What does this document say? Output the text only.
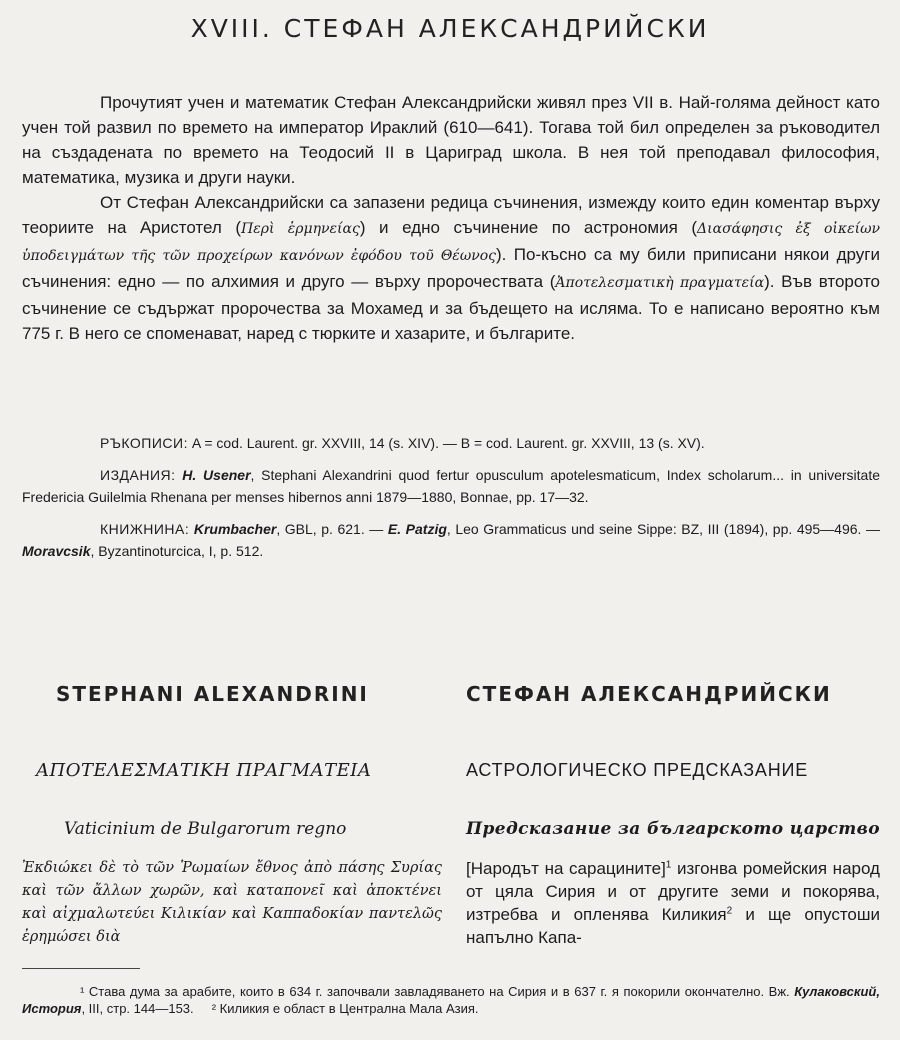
XVIII. СТЕФАН АЛЕКСАНДРИЙСКИ

Прочутият учен и математик Стефан Александрийски живял през VII в. Най-голяма дейност като учен той развил по времето на император Ираклий (610—641). Тогава той бил определен за ръководител на създадената по времето на Теодосий II в Цариград школа. В нея той преподавал философия, математика, музика и други науки.

От Стефан Александрийски са запазени редица съчинения, измежду които един коментар върху теориите на Аристотел (Περὶ ἑρμηνείας) и едно съчинение по астрономия (Διασάφησις ἐξ οἰκείων ὑποδειγμάτων τῆς τῶν προχείρων κανόνων ἐφόδου τοῦ Θέωνος). По-късно са му били приписани някои други съчинения: едно — по алхимия и друго — върху пророчествата (Ἀποτελεσματικὴ πραγματεία). Във второто съчинение се съдържат пророчества за Мохамед и за бъдещето на исляма. То е написано вероятно към 775 г. В него се споменават, наред с тюрките и хазарите, и българите.

РЪКОПИСИ: A = cod. Laurent. gr. XXVIII, 14 (s. XIV). — B = cod. Laurent. gr. XXVIII, 13 (s. XV).

ИЗДАНИЯ: H. Usener, Stephani Alexandrini quod fertur opusculum apotelesmaticum, Index scholarum... in universitate Fredericia Guilelmia Rhenana per menses hibernos anni 1879—1880, Bonnae, pp. 17—32.

КНИЖНИНА: Krumbacher, GBL, p. 621. — E. Patzig, Leo Grammaticus und seine Sippe: BZ, III (1894), pp. 495—496. — Moravcsik, Byzantinoturcica, I, p. 512.

STEPHANI ALEXANDRINI	СТЕФАН АЛЕКСАНДРИЙСКИ
ΑΠΟΤΕΛΕΣΜΑΤΙΚΗ ΠΡΑΓΜΑΤΕΙΑ	АСТРОЛОГИЧЕСКО ПРЕДСКАЗАНИЕ
Vaticinium de Bulgarorum regno	Предсказание за българското царство
Ἐκδιώκει δὲ τὸ τῶν Ῥωμαίων ἔθνος ἀπὸ πάσης Συρίας καὶ τῶν ἄλλων χωρῶν, καὶ καταπονεῖ καὶ ἀποκτένει καὶ αἰχμαλωτεύει Κιλικίαν καὶ Καππαδοκίαν παντελῶς ἐρημώσει διὰ
[Народът на сарацините]$^1$ изгонва ромейския народ от цяла Сирия и от другите земи и покорява, изтребва и опленява Киликия$^2$ и ще опустоши напълно Капа-

¹ Става дума за арабите, които в 634 г. започвали завладяването на Сирия и в 637 г. я покорили окончателно. Вж. Кулаковский, История, III, стр. 144—153. ² Киликия е област в Централна Мала Азия.
